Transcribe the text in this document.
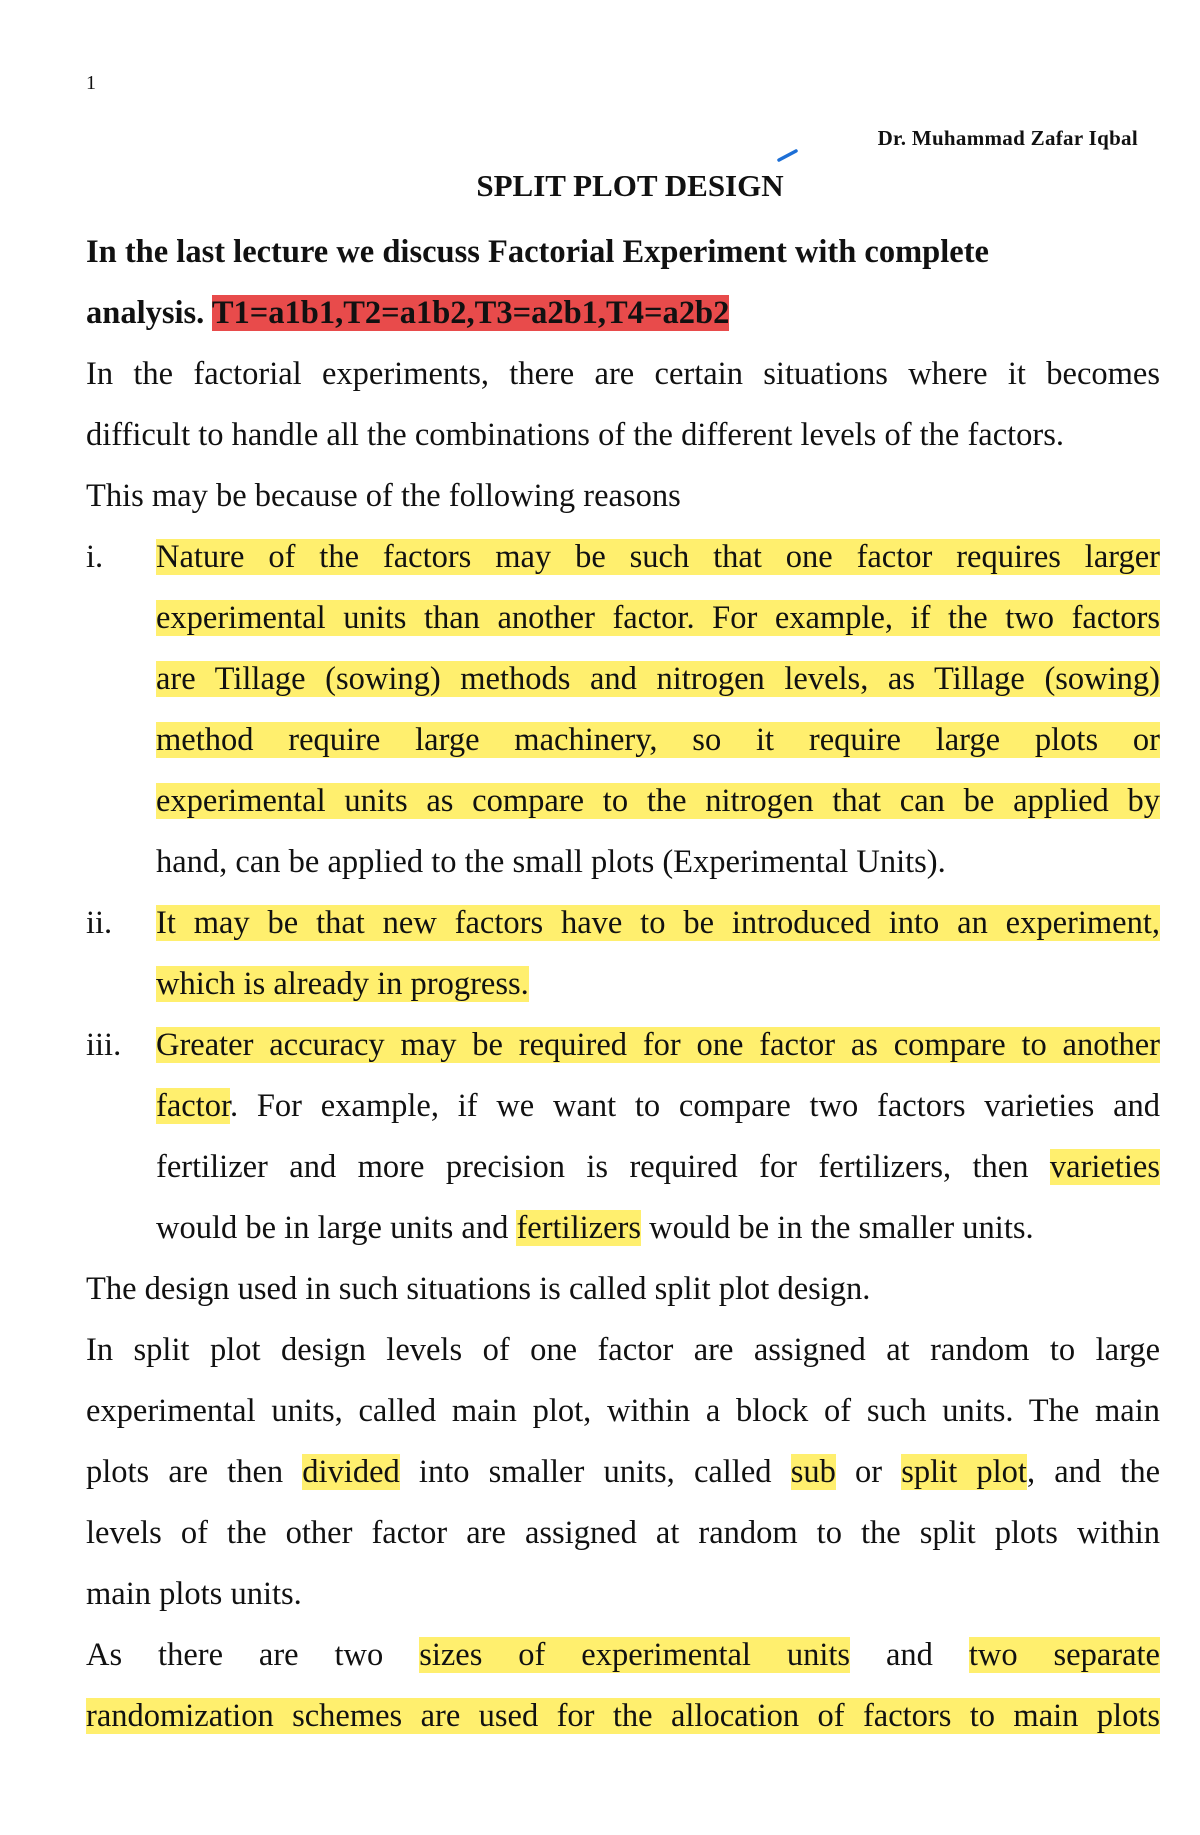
1
Dr. Muhammad Zafar Iqbal
SPLIT PLOT DESIGN
In the last lecture we discuss Factorial Experiment with complete
analysis. T1=a1b1,T2=a1b2,T3=a2b1,T4=a2b2
In the factorial experiments, there are certain situations where it becomes
difficult to handle all the combinations of the different levels of the factors.
This may be because of the following reasons
i.	Nature of the factors may be such that one factor requires larger
experimental units than another factor. For example, if the two factors
are Tillage (sowing) methods and nitrogen levels, as Tillage (sowing)
method require large machinery, so it require large plots or
experimental units as compare to the nitrogen that can be applied by
hand, can be applied to the small plots (Experimental Units).
ii.	It may be that new factors have to be introduced into an experiment,
which is already in progress.
iii. Greater accuracy may be required for one factor as compare to another
factor. For example, if we want to compare two factors varieties and
fertilizer and more precision is required for fertilizers, then varieties
would be in large units and fertilizers would be in the smaller units.
The design used in such situations is called split plot design.
In split plot design levels of one factor are assigned at random to large
experimental units, called main plot, within a block of such units. The main
plots are then divided into smaller units, called sub or split plot, and the
levels of the other factor are assigned at random to the split plots within
main plots units.
As there are two sizes of experimental units and two separate
randomization schemes are used for the allocation of factors to main plots
